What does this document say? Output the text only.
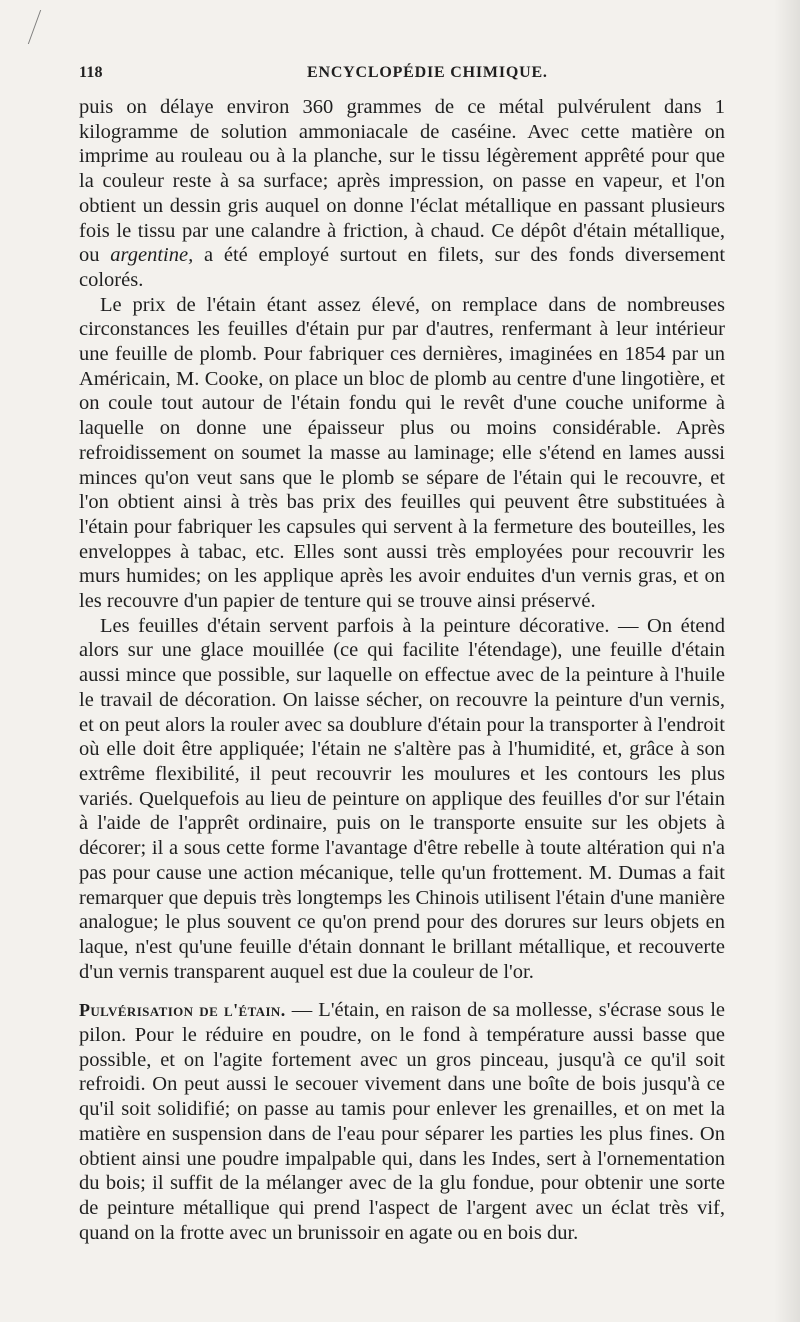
118	ENCYCLOPÉDIE CHIMIQUE.

puis on délaye environ 360 grammes de ce métal pulvérulent dans 1 kilogramme de solution ammoniacale de caséine. Avec cette matière on imprime au rouleau ou à la planche, sur le tissu légèrement apprêté pour que la couleur reste à sa surface; après impression, on passe en vapeur, et l'on obtient un dessin gris auquel on donne l'éclat métallique en passant plusieurs fois le tissu par une calandre à friction, à chaud. Ce dépôt d'étain métallique, ou argentine, a été employé surtout en filets, sur des fonds diversement colorés.

Le prix de l'étain étant assez élevé, on remplace dans de nombreuses circonstances les feuilles d'étain pur par d'autres, renfermant à leur intérieur une feuille de plomb. Pour fabriquer ces dernières, imaginées en 1854 par un Américain, M. Cooke, on place un bloc de plomb au centre d'une lingotière, et on coule tout autour de l'étain fondu qui le revêt d'une couche uniforme à laquelle on donne une épaisseur plus ou moins considérable. Après refroidissement on soumet la masse au laminage; elle s'étend en lames aussi minces qu'on veut sans que le plomb se sépare de l'étain qui le recouvre, et l'on obtient ainsi à très bas prix des feuilles qui peuvent être substituées à l'étain pour fabriquer les capsules qui servent à la fermeture des bouteilles, les enveloppes à tabac, etc. Elles sont aussi très employées pour recouvrir les murs humides; on les applique après les avoir enduites d'un vernis gras, et on les recouvre d'un papier de tenture qui se trouve ainsi préservé.

Les feuilles d'étain servent parfois à la peinture décorative. — On étend alors sur une glace mouillée (ce qui facilite l'étendage), une feuille d'étain aussi mince que possible, sur laquelle on effectue avec de la peinture à l'huile le travail de décoration. On laisse sécher, on recouvre la peinture d'un vernis, et on peut alors la rouler avec sa doublure d'étain pour la transporter à l'endroit où elle doit être appliquée; l'étain ne s'altère pas à l'humidité, et, grâce à son extrême flexibilité, il peut recouvrir les moulures et les contours les plus variés. Quelquefois au lieu de peinture on applique des feuilles d'or sur l'étain à l'aide de l'apprêt ordinaire, puis on le transporte ensuite sur les objets à décorer; il a sous cette forme l'avantage d'être rebelle à toute altération qui n'a pas pour cause une action mécanique, telle qu'un frottement. M. Dumas a fait remarquer que depuis très longtemps les Chinois utilisent l'étain d'une manière analogue; le plus souvent ce qu'on prend pour des dorures sur leurs objets en laque, n'est qu'une feuille d'étain donnant le brillant métallique, et recouverte d'un vernis transparent auquel est due la couleur de l'or.

Pulvérisation de l'étain. — L'étain, en raison de sa mollesse, s'écrase sous le pilon. Pour le réduire en poudre, on le fond à température aussi basse que possible, et on l'agite fortement avec un gros pinceau, jusqu'à ce qu'il soit refroidi. On peut aussi le secouer vivement dans une boîte de bois jusqu'à ce qu'il soit solidifié; on passe au tamis pour enlever les grenailles, et on met la matière en suspension dans de l'eau pour séparer les parties les plus fines. On obtient ainsi une poudre impalpable qui, dans les Indes, sert à l'ornementation du bois; il suffit de la mélanger avec de la glu fondue, pour obtenir une sorte de peinture métallique qui prend l'aspect de l'argent avec un éclat très vif, quand on la frotte avec un brunissoir en agate ou en bois dur.
